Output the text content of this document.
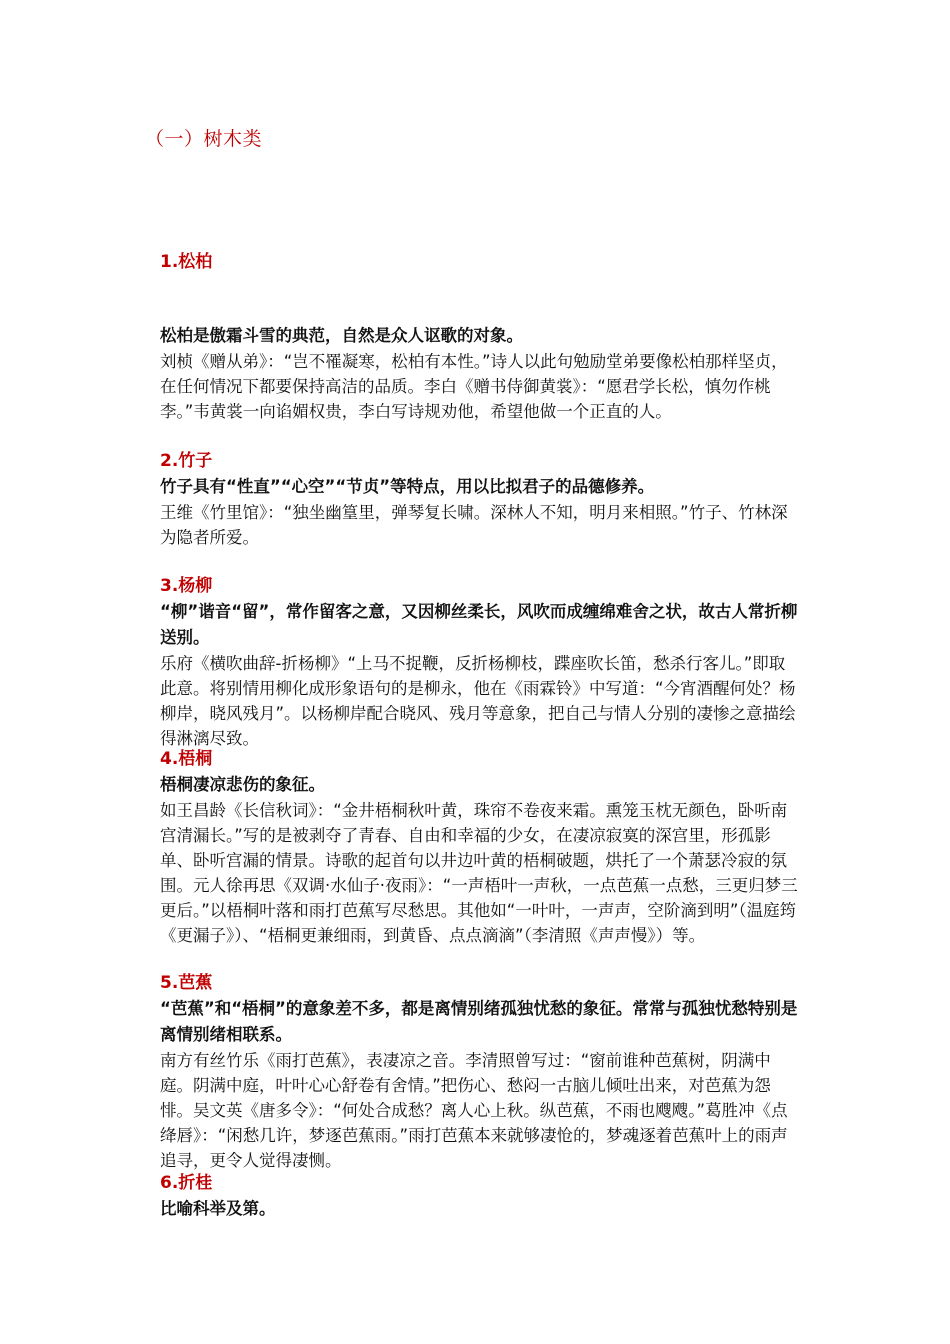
（一）树木类
1.松柏
松柏是傲霜斗雪的典范，自然是众人讴歌的对象。
刘桢《赠从弟》：“岂不罹凝寒，松柏有本性。”诗人以此句勉励堂弟要像松柏那样坚贞，在任何情况下都要保持高洁的品质。李白《赠书侍御黄裳》：“愿君学长松，慎勿作桃李。”韦黄裳一向谄媚权贵，李白写诗规劝他，希望他做一个正直的人。
2.竹子
竹子具有“性直”“心空”“节贞”等特点，用以比拟君子的品德修养。
王维《竹里馆》：“独坐幽篁里，弹琴复长啸。深林人不知，明月来相照。”竹子、竹林深为隐者所爱。
3.杨柳
“柳”谐音“留”，常作留客之意，又因柳丝柔长，风吹而成缠绵难舍之状，故古人常折柳送别。
乐府《横吹曲辞-折杨柳》“上马不捉鞭，反折杨柳枝，蹀座吹长笛，愁杀行客儿。”即取此意。将别情用柳化成形象语句的是柳永，他在《雨霖铃》中写道：“今宵酒醒何处？杨柳岸，晓风残月”。以杨柳岸配合晓风、残月等意象，把自己与情人分别的凄惨之意描绘得淋漓尽致。
4.梧桐
梧桐凄凉悲伤的象征。
如王昌龄《长信秋词》：“金井梧桐秋叶黄，珠帘不卷夜来霜。熏笼玉枕无颜色，卧听南宫清漏长。”写的是被剥夺了青春、自由和幸福的少女，在凄凉寂寞的深宫里，形孤影单、卧听宫漏的情景。诗歌的起首句以井边叶黄的梧桐破题，烘托了一个萧瑟冷寂的氛围。元人徐再思《双调·水仙子·夜雨》：“一声梧叶一声秋，一点芭蕉一点愁，三更归梦三更后。”以梧桐叶落和雨打芭蕉写尽愁思。其他如“一叶叶，一声声，空阶滴到明”（温庭筠《更漏子》）、“梧桐更兼细雨，到黄昏、点点滴滴”（李清照《声声慢》）等。
5.芭蕉
“芭蕉”和“梧桐”的意象差不多，都是离情别绪孤独忧愁的象征。常常与孤独忧愁特别是离情别绪相联系。
南方有丝竹乐《雨打芭蕉》，表凄凉之音。李清照曾写过：“窗前谁种芭蕉树，阴满中庭。阴满中庭，叶叶心心舒卷有舍情。”把伤心、愁闷一古脑儿倾吐出来，对芭蕉为怨悱。吴文英《唐多令》：“何处合成愁？离人心上秋。纵芭蕉，不雨也飕飕。”葛胜冲《点绛唇》：“闲愁几许，梦逐芭蕉雨。”雨打芭蕉本来就够凄怆的，梦魂逐着芭蕉叶上的雨声追寻，更令人觉得凄恻。
6.折桂
比喻科举及第。
